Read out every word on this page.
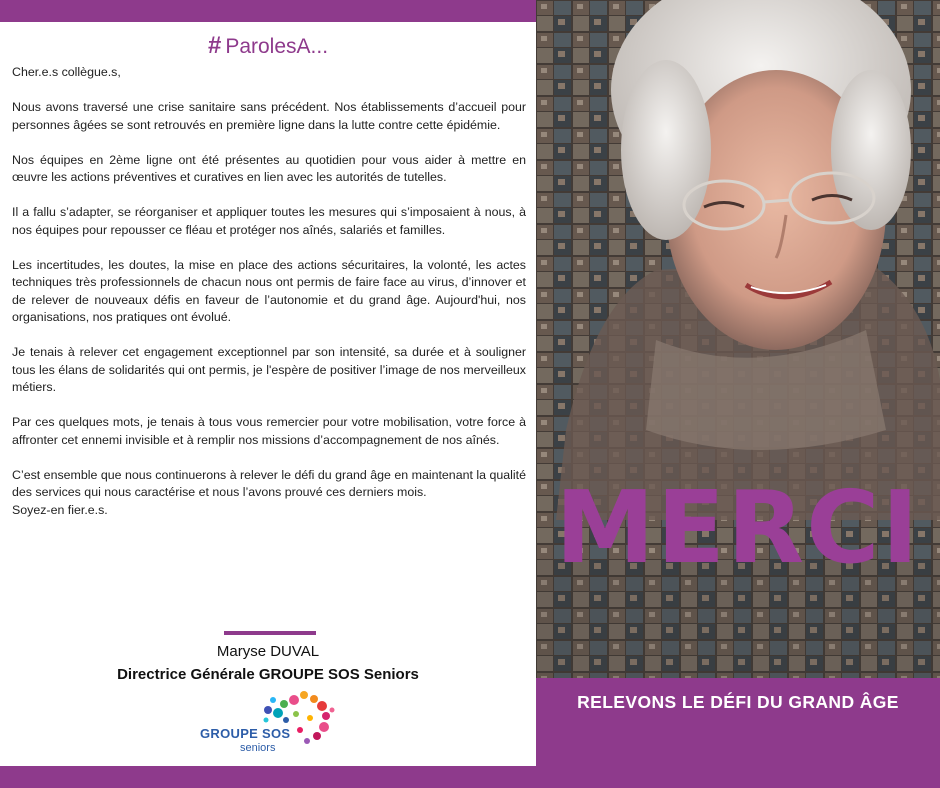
# ParolesA...

Cher.e.s collègue.s,

Nous avons traversé une crise sanitaire sans précédent. Nos établissements d’accueil pour personnes âgées se sont retrouvés en première ligne dans la lutte contre cette épidémie.

Nos équipes en 2ème ligne ont été présentes au quotidien pour vous aider à mettre en œuvre les actions préventives et curatives en lien avec les autorités de tutelles.

Il a fallu s’adapter, se réorganiser et appliquer toutes les mesures qui s’imposaient à nous, à nos équipes pour repousser ce fléau et protéger nos aînés, salariés et familles.

Les incertitudes, les doutes, la mise en place des actions sécuritaires, la volonté, les actes techniques très professionnels de chacun nous ont permis de faire face au virus, d’innover et de relever de nouveaux défis en faveur de l’autonomie et du grand âge. Aujourd'hui, nos organisations, nos pratiques ont évolué.

Je tenais à relever cet engagement exceptionnel par son intensité, sa durée et à souligner tous les élans de solidarités qui ont permis, je l'espère de positiver l’image de nos merveilleux métiers.

Par ces quelques mots, je tenais à tous vous remercier pour votre mobilisation, votre force à affronter cet ennemi invisible et à remplir nos missions d’accompagnement de nos aînés.

C’est ensemble que nous continuerons à relever le défi du grand âge en maintenant la qualité des services qui nous caractérise et nous l’avons prouvé ces derniers mois.

Soyez-en fier.e.s.

Maryse DUVAL
Directrice Générale GROUPE SOS Seniors
GROUPE SOS
seniors
MERCI
RELEVONS LE DÉFI DU GRAND ÂGE
